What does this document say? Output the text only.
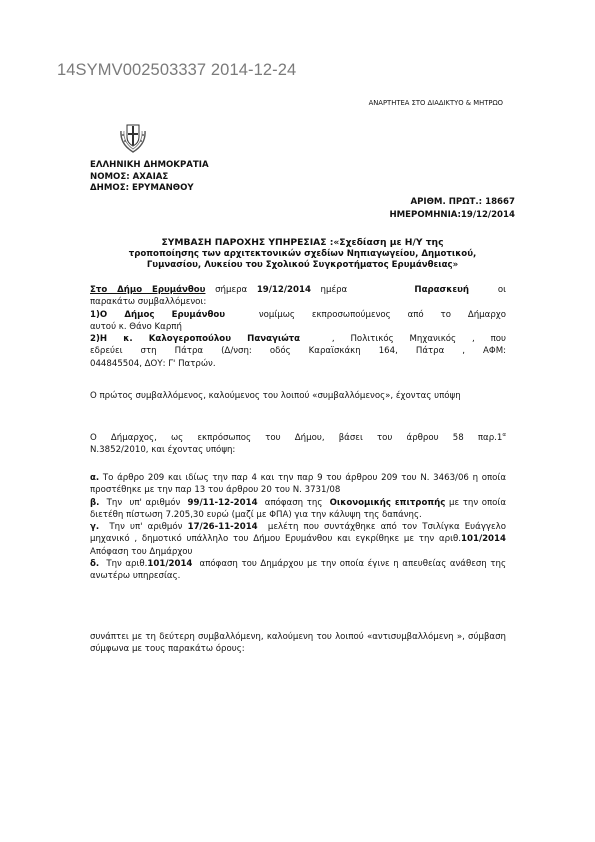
14SYMV002503337 2014-12-24
ΑΝΑΡΤΗΤΕΑ ΣΤΟ ΔΙΑΔΙΚΤΥΟ & ΜΗΤΡΩΟ
ΕΛΛΗΝΙΚΗ ΔΗΜΟΚΡΑΤΙΑ
ΝΟΜΟΣ: ΑΧΑΙΑΣ
ΔΗΜΟΣ: ΕΡΥΜΑΝΘΟΥ
ΑΡΙΘΜ. ΠΡΩΤ.: 18667
ΗΜΕΡΟΜΗΝΙΑ:19/12/2014
ΣΥΜΒΑΣΗ ΠΑΡΟΧΗΣ ΥΠΗΡΕΣΙΑΣ :«Σχεδίαση με Η/Υ της
τροποποίησης των αρχιτεκτονικών σχεδίων Νηπιαγωγείου, Δημοτικού,
Γυμνασίου, Λυκείου του Σχολικού Συγκροτήματος Ερυμάνθειας»

Στο Δήμο Ερυμάνθου σήμερα 19/12/2014 ημέρα       Παρασκευή   οι

παρακάτω συμβαλλόμενοι:

1)Ο Δήμος Ερυμάνθου  νομίμως εκπροσωπούμενος από το Δήμαρχο

αυτού κ. Θάνο Καρπή

2)Η κ. Καλογεροπούλου Παναγιώτα  , Πολιτικός Μηχανικός , που

εδρεύει στη Πάτρα (Δ/νση: οδός Καραϊσκάκη 164, Πάτρα , ΑΦΜ:

044845504, ΔΟΥ: Γ' Πατρών.

Ο πρώτος συμβαλλόμενος, καλούμενος του λοιπού «συμβαλλόμενος», έχοντας υπόψη

Ο Δήμαρχος, ως εκπρόσωπος του Δήμου, βάσει του άρθρου 58 $\pi\alpha\rho.1^\alpha$

Ν.3852/2010, και έχοντας υπόψη:

α. Το άρθρο 209 και ιδίως την παρ 4 και την παρ 9 του άρθρου 209 του Ν. 3463/06 η οποία προστέθηκε με την παρ 13 του άρθρου 20 του Ν. 3731/08

β.  Την  υπ' αριθμόν  99/11-12-2014  απόφαση της  Οικονομικής επιτροπής με την οποία διετέθη πίστωση 7.205,30 ευρώ (μαζί με ΦΠΑ) για την κάλυψη της δαπάνης.

γ.  Την υπ' αριθμόν 17/26-11-2014  μελέτη που συντάχθηκε από τον Τσιλίγκα Ευάγγελο  μηχανικό , δημοτικό υπάλληλο του Δήμου Ερυμάνθου και εγκρίθηκε με την αριθ.101/2014  Απόφαση του Δημάρχου

δ.  Την αριθ.101/2014  απόφαση του Δημάρχου με την οποία έγινε η απευθείας ανάθεση της ανωτέρω υπηρεσίας.

συνάπτει με τη δεύτερη συμβαλλόμενη, καλούμενη του λοιπού «αντισυμβαλλόμενη », σύμβαση σύμφωνα με τους παρακάτω όρους:
